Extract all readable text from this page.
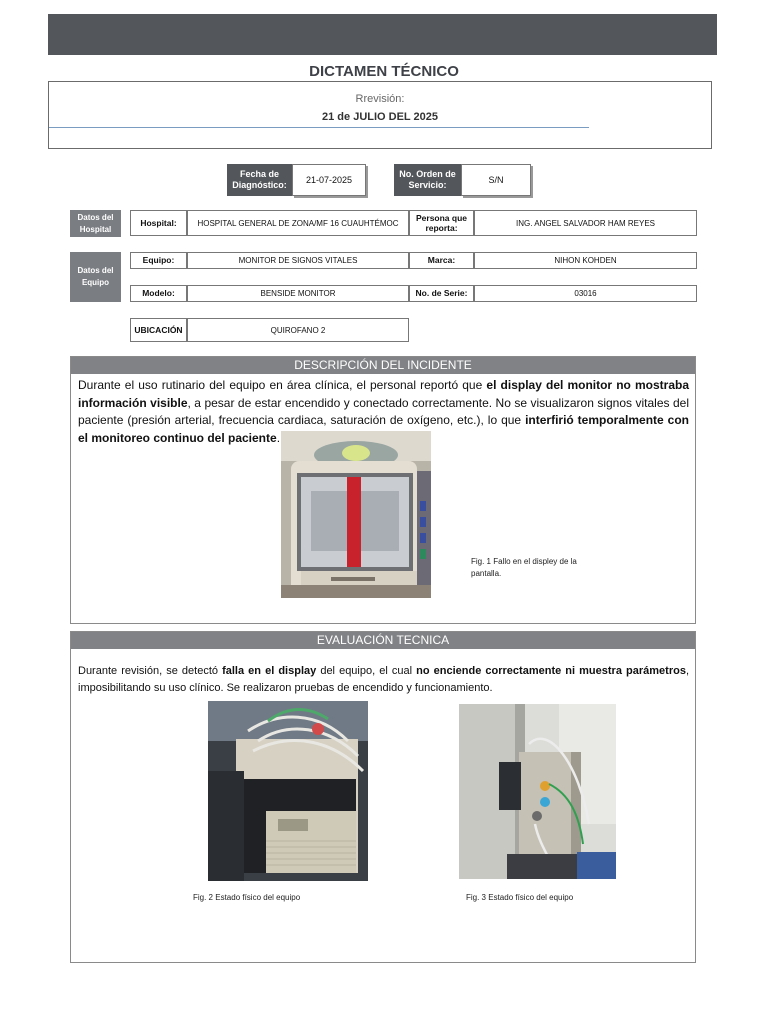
DICTAMEN TÉCNICO
Rrevisión:
21 de JULIO DEL 2025
Fecha de Diagnóstico:	21-07-2025
No. Orden de Servicio:	S/N
Datos del Hospital
Hospital:	HOSPITAL GENERAL DE ZONA/MF 16 CUAUHTÉMOC
Persona que reporta:	ING. ANGEL SALVADOR HAM REYES
Datos del Equipo
Equipo:	MONITOR DE SIGNOS VITALES	Marca:	NIHON KOHDEN
Modelo:	BENSIDE MONITOR	No. de Serie:	03016
UBICACIÓN	QUIROFANO 2
DESCRIPCIÓN DEL INCIDENTE
Durante el uso rutinario del equipo en área clínica, el personal reportó que el display del monitor no mostraba información visible, a pesar de estar encendido y conectado correctamente. No se visualizaron signos vitales del paciente (presión arterial, frecuencia cardiaca, saturación de oxígeno, etc.), lo que interfirió temporalmente con el monitoreo continuo del paciente.
Fig. 1 Fallo en el displey de la pantalla.
EVALUACIÓN TECNICA
Durante revisión, se detectó falla en el display del equipo, el cual no enciende correctamente ni muestra parámetros, imposibilitando su uso clínico. Se realizaron pruebas de encendido y funcionamiento.
Fig. 2 Estado físico del equipo	Fig. 3 Estado físico del equipo
